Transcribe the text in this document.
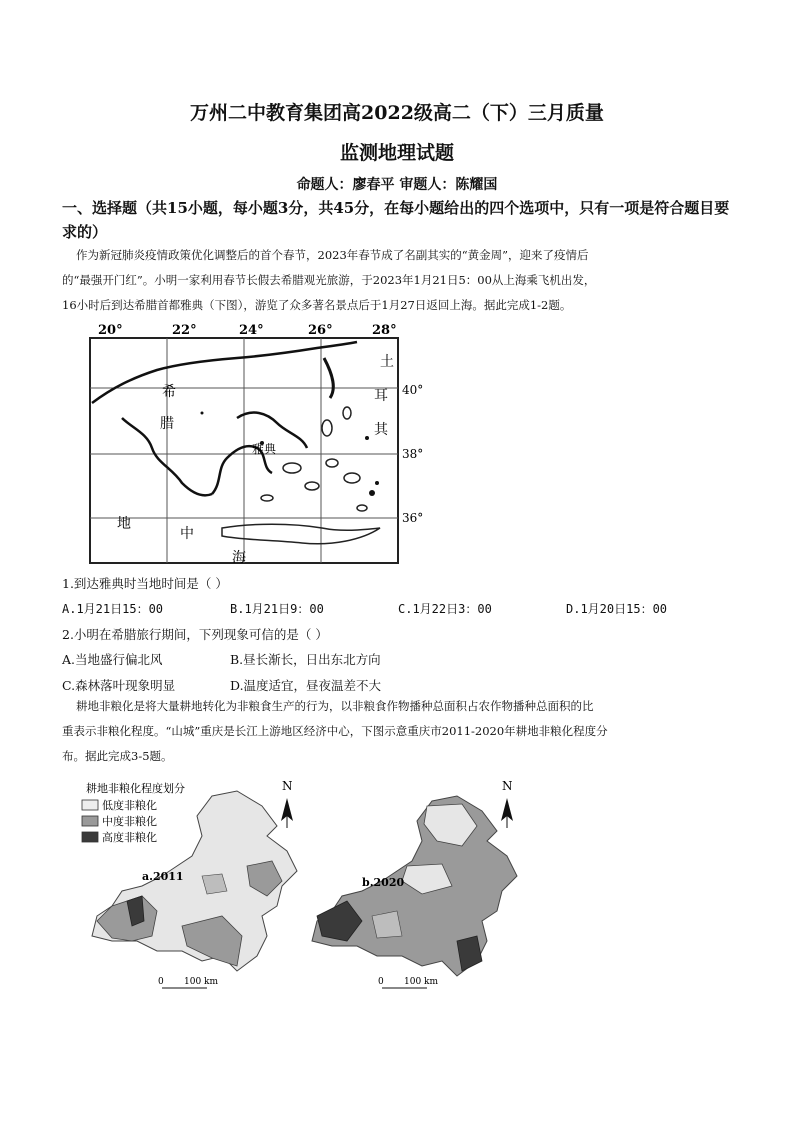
万州二中教育集团高2022级高二（下）三月质量
监测地理试题
命题人：廖春平 审题人：陈耀国
一、选择题（共15小题，每小题3分，共45分，在每小题给出的四个选项中，只有一项是符合题目要求的）
作为新冠肺炎疫情政策优化调整后的首个春节，2023年春节成了名副其实的“黄金周”，迎来了疫情后
的“最强开门红”。小明一家利用春节长假去希腊观光旅游，于2023年1月21日5：00从上海乘飞机出发，
16小时后到达希腊首都雅典（下图），游览了众多著名景点后于1月27日返回上海。据此完成1-2题。
20°	22°	24°	26°	28°
40°
38°
36°
希
腊
雅典
土
耳
其
地
中
海
1.到达雅典时当地时间是（ ）
A.1月21日15：00	B.1月21日9：00	C.1月22日3：00	D.1月20日15：00
2.小明在希腊旅行期间，下列现象可信的是（ ）
A.当地盛行偏北风	B.昼长渐长，日出东北方向
C.森林落叶现象明显	D.温度适宜，昼夜温差不大
耕地非粮化是将大量耕地转化为非粮食生产的行为，以非粮食作物播种总面积占农作物播种总面积的比
重表示非粮化程度。“山城”重庆是长江上游地区经济中心，下图示意重庆市2011-2020年耕地非粮化程度分
布。据此完成3-5题。
耕地非粮化程度划分
低度非粮化
中度非粮化
高度非粮化
a.2011
N
0 100 km
b.2020
N
0 100 km
